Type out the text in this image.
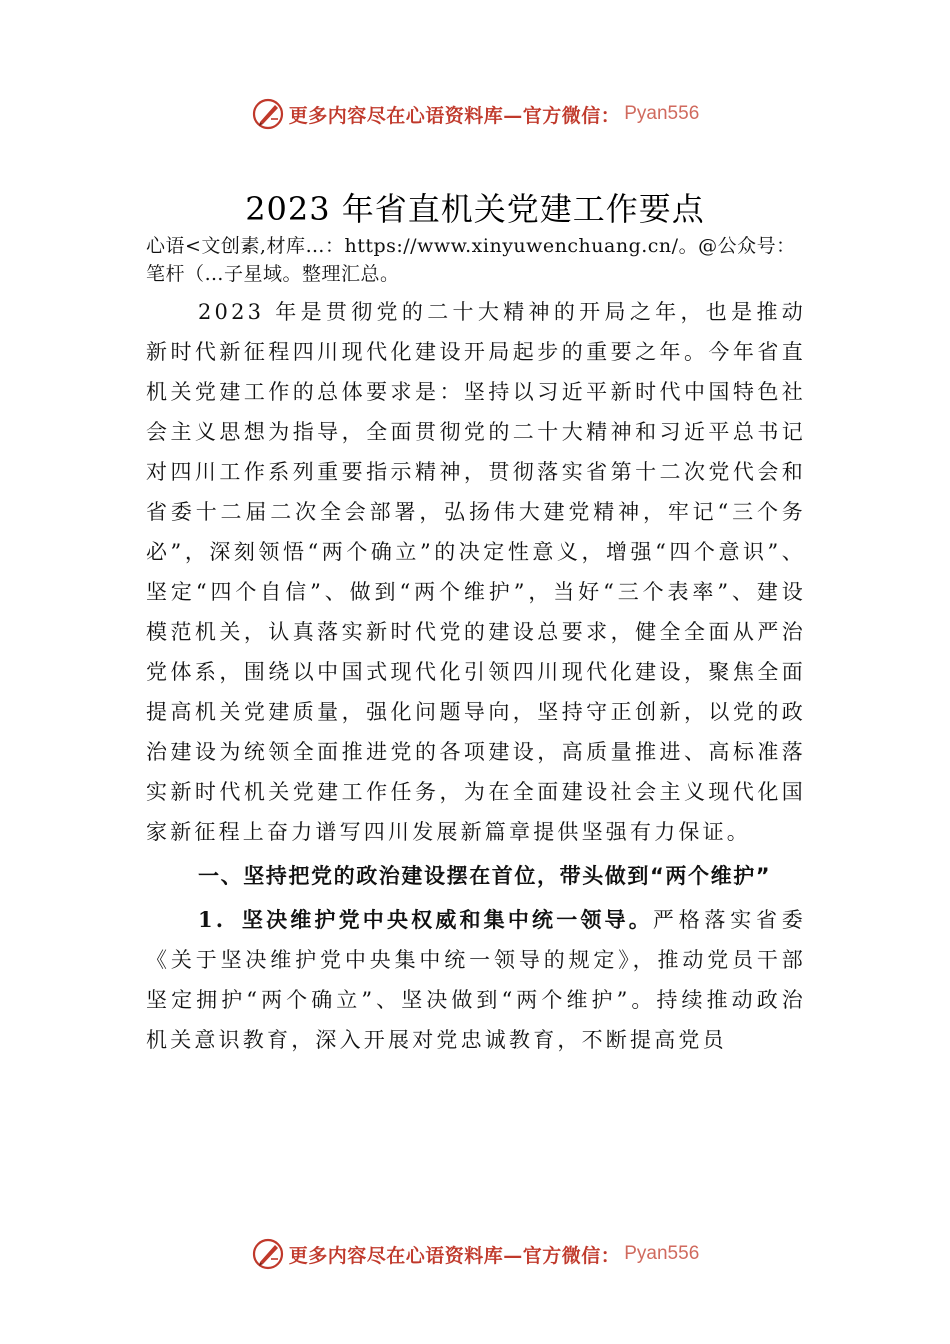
更多内容尽在心语资料库—官方微信： Pyan556
2023 年省直机关党建工作要点
心语<文创素,材库…：https://www.xinyuwenchuang.cn/。@公众号：笔杆（…子星域。整理汇总。

2023 年是贯彻党的二十大精神的开局之年，也是推动新时代新征程四川现代化建设开局起步的重要之年。今年省直机关党建工作的总体要求是：坚持以习近平新时代中国特色社会主义思想为指导，全面贯彻党的二十大精神和习近平总书记对四川工作系列重要指示精神，贯彻落实省第十二次党代会和省委十二届二次全会部署，弘扬伟大建党精神，牢记“三个务必”，深刻领悟“两个确立”的决定性意义，增强“四个意识”、坚定“四个自信”、做到“两个维护”，当好“三个表率”、建设模范机关，认真落实新时代党的建设总要求，健全全面从严治党体系，围绕以中国式现代化引领四川现代化建设，聚焦全面提高机关党建质量，强化问题导向，坚持守正创新，以党的政治建设为统领全面推进党的各项建设，高质量推进、高标准落实新时代机关党建工作任务，为在全面建设社会主义现代化国家新征程上奋力谱写四川发展新篇章提供坚强有力保证。

一、坚持把党的政治建设摆在首位，带头做到“两个维护”

1. 坚决维护党中央权威和集中统一领导。严格落实省委《关于坚决维护党中央集中统一领导的规定》，推动党员干部坚定拥护“两个确立”、坚决做到“两个维护”。持续推动政治机关意识教育，深入开展对党忠诚教育，不断提高党员

更多内容尽在心语资料库—官方微信： Pyan556
